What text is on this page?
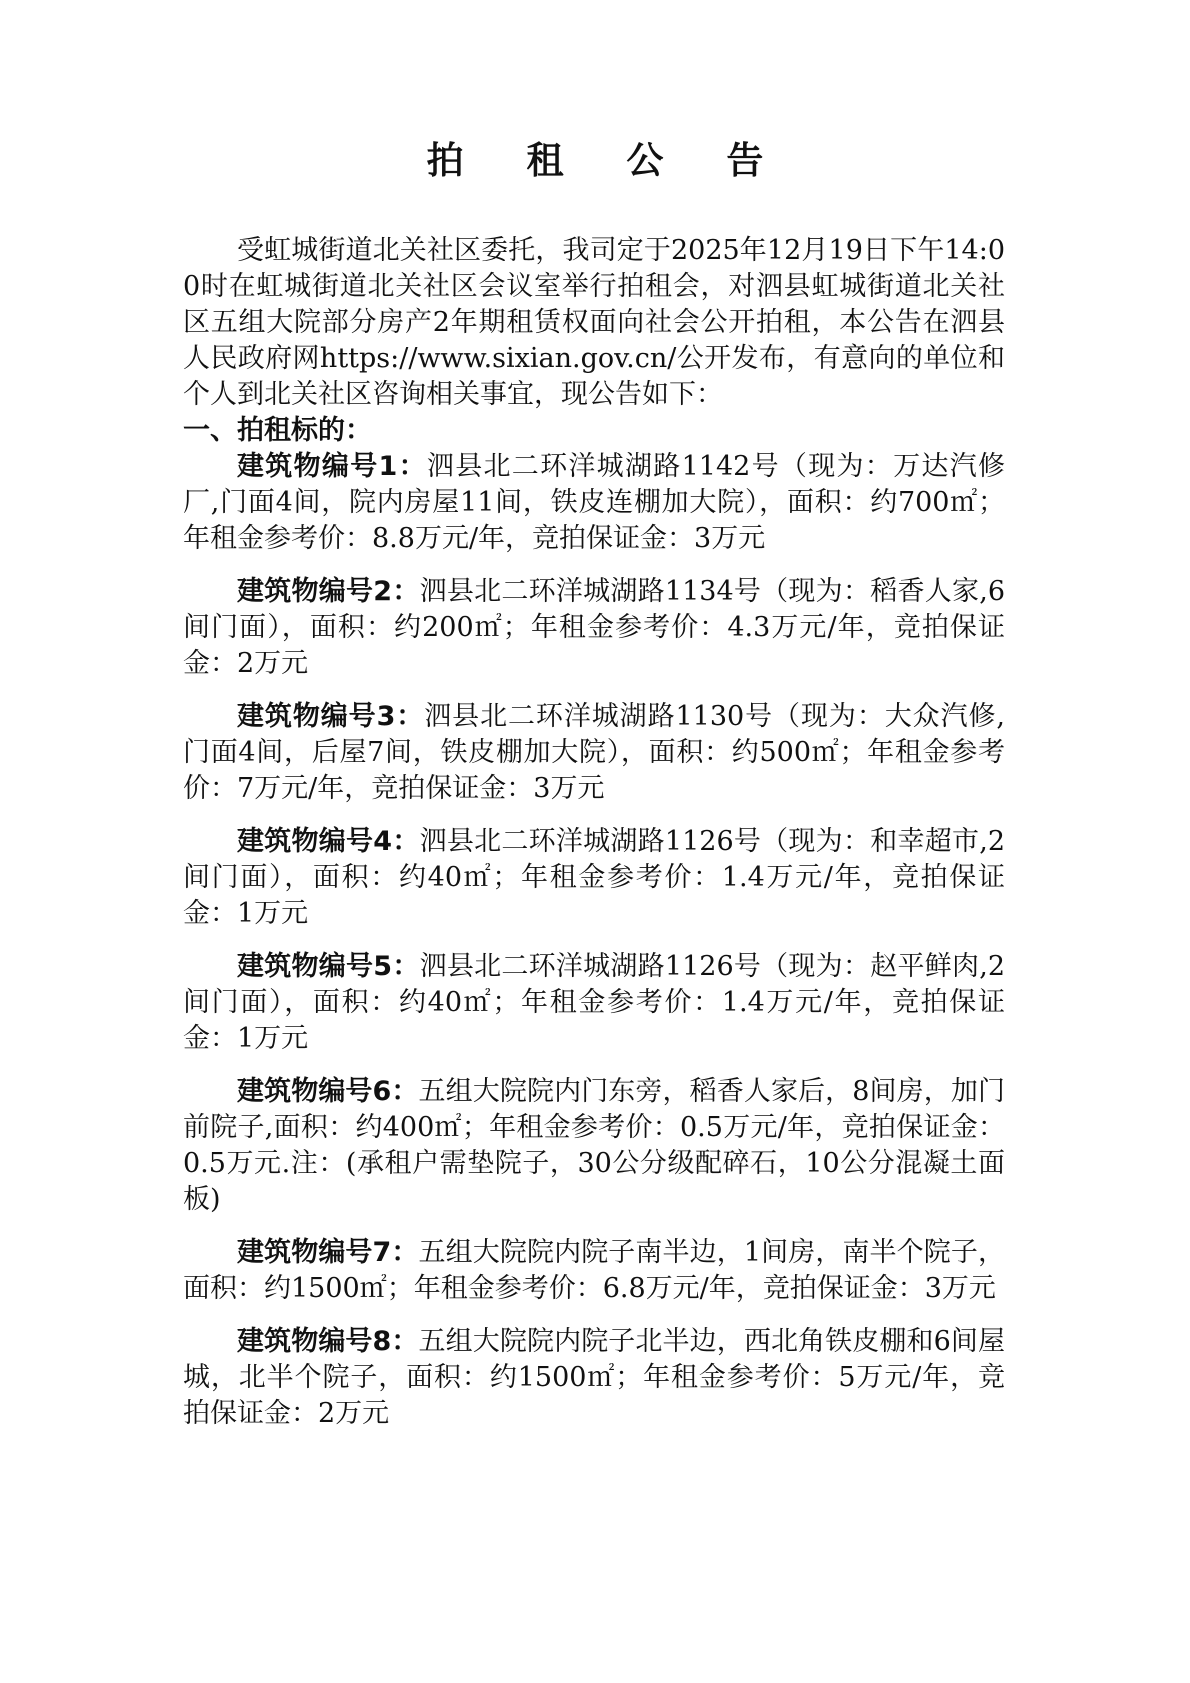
拍 租 公 告

受虹城街道北关社区委托，我司定于2025年12月19日下午14:00时在虹城街道北关社区会议室举行拍租会，对泗县虹城街道北关社区五组大院部分房产2年期租赁权面向社会公开拍租，本公告在泗县人民政府网https://www.sixian.gov.cn/公开发布，有意向的单位和个人到北关社区咨询相关事宜，现公告如下：

一、拍租标的：

建筑物编号1：泗县北二环洋城湖路1142号（现为：万达汽修厂,门面4间，院内房屋11间，铁皮连棚加大院），面积：约700㎡；年租金参考价：8.8万元/年，竞拍保证金：3万元

建筑物编号2：泗县北二环洋城湖路1134号（现为：稻香人家,6间门面），面积：约200㎡；年租金参考价：4.3万元/年，竞拍保证金：2万元

建筑物编号3：泗县北二环洋城湖路1130号（现为：大众汽修,门面4间，后屋7间，铁皮棚加大院），面积：约500㎡；年租金参考价：7万元/年，竞拍保证金：3万元

建筑物编号4：泗县北二环洋城湖路1126号（现为：和幸超市,2间门面），面积：约40㎡；年租金参考价：1.4万元/年，竞拍保证金：1万元

建筑物编号5：泗县北二环洋城湖路1126号（现为：赵平鲜肉,2间门面），面积：约40㎡；年租金参考价：1.4万元/年，竞拍保证金：1万元

建筑物编号6：五组大院院内门东旁，稻香人家后，8间房，加门前院子,面积：约400㎡；年租金参考价：0.5万元/年，竞拍保证金：0.5万元.注：(承租户需垫院子，30公分级配碎石，10公分混凝土面板)

建筑物编号7：五组大院院内院子南半边，1间房，南半个院子，面积：约1500㎡；年租金参考价：6.8万元/年，竞拍保证金：3万元

建筑物编号8：五组大院院内院子北半边，西北角铁皮棚和6间屋城，北半个院子，面积：约1500㎡；年租金参考价：5万元/年，竞拍保证金：2万元
